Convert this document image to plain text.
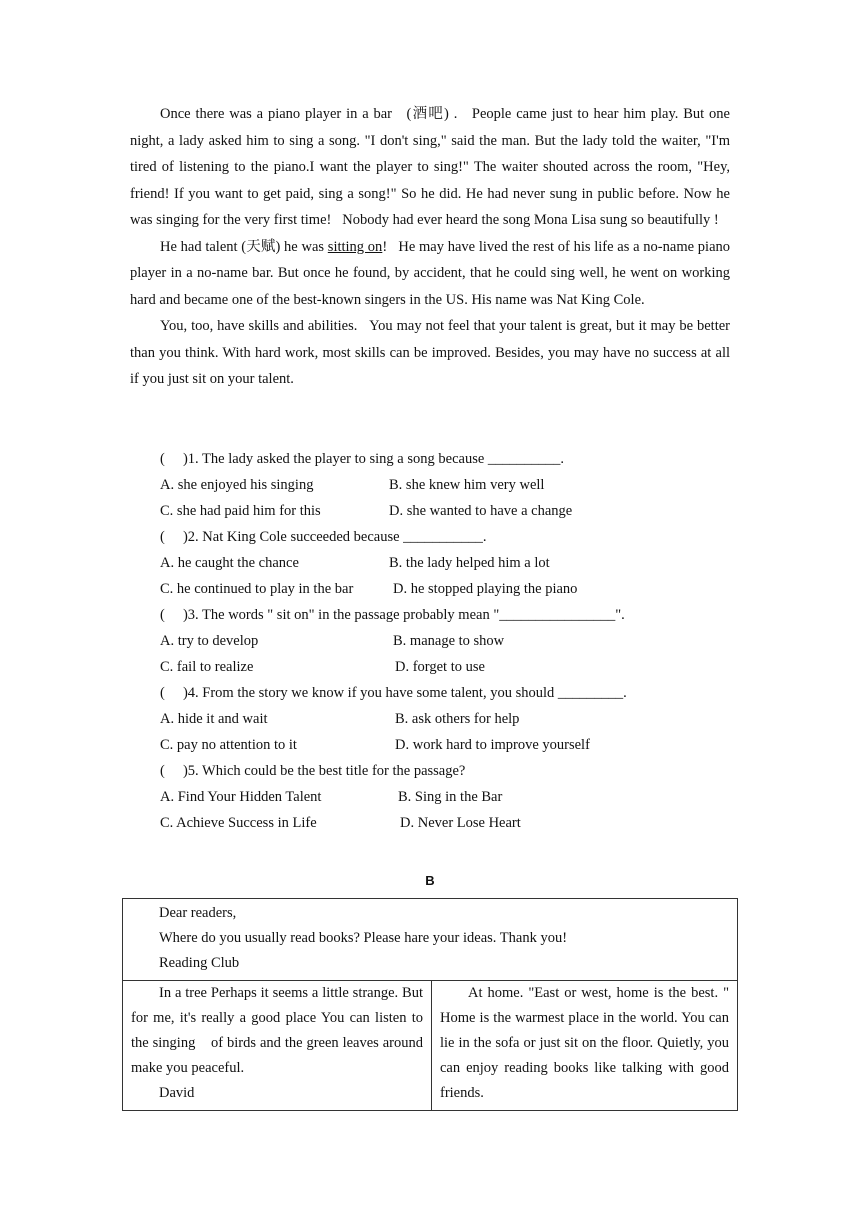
Once there was a piano player in a bar   (酒吧) .   People came just to hear him play. But one night, a lady asked him to sing a song. "I don't sing," said the man. But the lady told the waiter, "I'm tired of listening to the piano.I want the player to sing!" The waiter shouted across the room, "Hey, friend! If you want to get paid, sing a song!" So he did. He had never sung in public before. Now he was singing for the very first time!   Nobody had ever heard the song Mona Lisa sung so beautifully !

He had talent (天赋) he was sitting on!   He may have lived the rest of his life as a no-name piano player in a no-name bar. But once he found, by accident, that he could sing well, he went on working hard and became one of the best-known singers in the US. His name was Nat King Cole.

You, too, have skills and abilities.   You may not feel that your talent is great, but it may be better than you think. With hard work, most skills can be improved. Besides, you may have no success at all if you just sit on your talent.

(     )1. The lady asked the player to sing a song because __________.
A. she enjoyed his singing	B. she knew him very well
C. she had paid him for this	D. she wanted to have a change
(     )2. Nat King Cole succeeded because ___________.
A. he caught the chance	B. the lady helped him a lot
C. he continued to play in the bar	D. he stopped playing the piano
(     )3. The words " sit on" in the passage probably mean "________________".
A. try to develop	B. manage to show
C. fail to realize	D. forget to use
(     )4. From the story we know if you have some talent, you should _________.
A. hide it and wait	B. ask others for help
C. pay no attention to it	D. work hard to improve yourself
(     )5. Which could be the best title for the passage?
A. Find Your Hidden Talent	B. Sing in the Bar
C. Achieve Success in Life	D. Never Lose Heart
B
Dear readers,
Where do you usually read books? Please hare your ideas. Thank you!
Reading Club

In a tree Perhaps it seems a little strange. But for me, it's really a good place You can listen to the singing    of birds and the green leaves around make you peaceful.
David

At home. "East or west, home is the best. " Home is the warmest place in the world. You can lie in the sofa or just sit on the floor. Quietly, you can enjoy reading books like talking with good friends.
